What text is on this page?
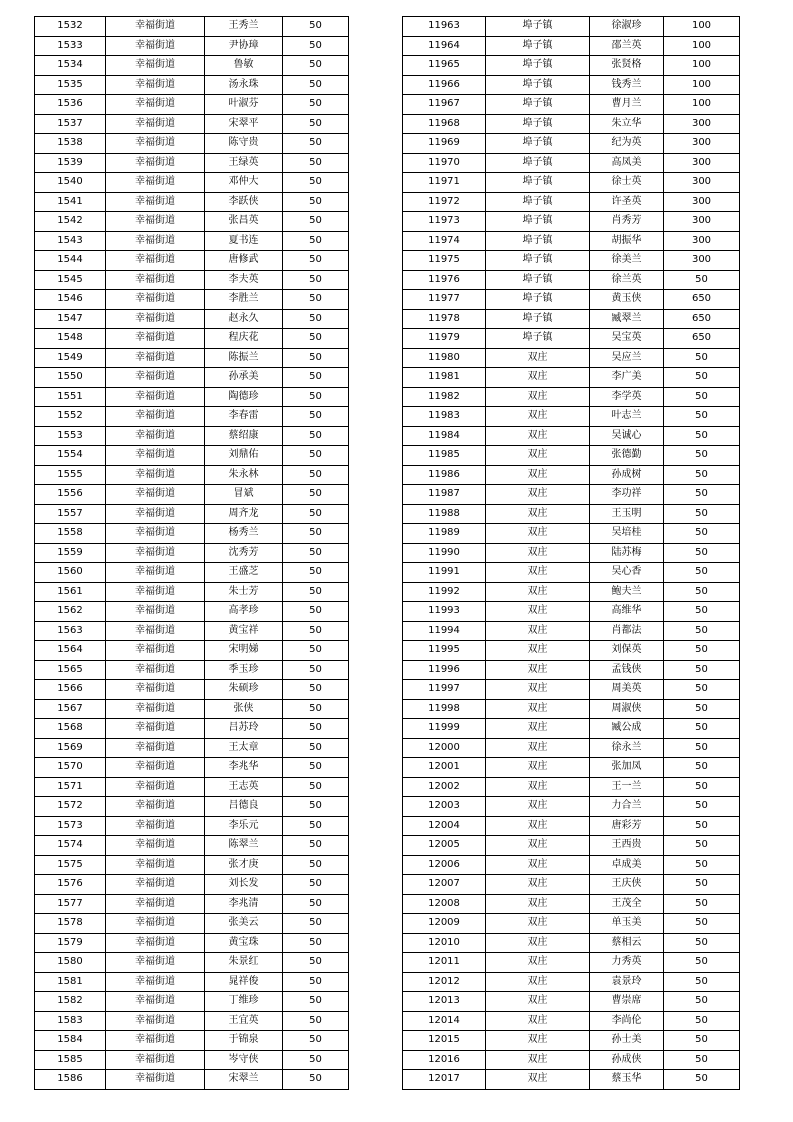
1532	幸福街道	王秀兰	50
1533	幸福街道	尹协璋	50
1534	幸福街道	鲁敏	50
1535	幸福街道	汤永珠	50
1536	幸福街道	叶淑芬	50
1537	幸福街道	宋翠平	50
1538	幸福街道	陈守贵	50
1539	幸福街道	王绿英	50
1540	幸福街道	邓仲大	50
1541	幸福街道	李跃侠	50
1542	幸福街道	张昌英	50
1543	幸福街道	夏书连	50
1544	幸福街道	唐修武	50
1545	幸福街道	李夫英	50
1546	幸福街道	李胜兰	50
1547	幸福街道	赵永久	50
1548	幸福街道	程庆花	50
1549	幸福街道	陈振兰	50
1550	幸福街道	孙承美	50
1551	幸福街道	陶德珍	50
1552	幸福街道	李春雷	50
1553	幸福街道	蔡绍康	50
1554	幸福街道	刘鼎佑	50
1555	幸福街道	朱永林	50
1556	幸福街道	冒斌	50
1557	幸福街道	周齐龙	50
1558	幸福街道	杨秀兰	50
1559	幸福街道	沈秀芳	50
1560	幸福街道	王盛芝	50
1561	幸福街道	朱士芳	50
1562	幸福街道	高孝珍	50
1563	幸福街道	黄宝祥	50
1564	幸福街道	宋明娣	50
1565	幸福街道	季玉珍	50
1566	幸福街道	朱硕珍	50
1567	幸福街道	张侠	50
1568	幸福街道	吕苏玲	50
1569	幸福街道	王太章	50
1570	幸福街道	李兆华	50
1571	幸福街道	王志英	50
1572	幸福街道	吕德良	50
1573	幸福街道	李乐元	50
1574	幸福街道	陈翠兰	50
1575	幸福街道	张才庚	50
1576	幸福街道	刘长发	50
1577	幸福街道	李兆清	50
1578	幸福街道	张美云	50
1579	幸福街道	黄宝珠	50
1580	幸福街道	朱景红	50
1581	幸福街道	晁祥俊	50
1582	幸福街道	丁维珍	50
1583	幸福街道	王宜英	50
1584	幸福街道	于锦泉	50
1585	幸福街道	岑守侠	50
1586	幸福街道	宋翠兰	50
11963	埠子镇	徐淑珍	100
11964	埠子镇	邵兰英	100
11965	埠子镇	张贤格	100
11966	埠子镇	钱秀兰	100
11967	埠子镇	曹月兰	100
11968	埠子镇	朱立华	300
11969	埠子镇	纪为英	300
11970	埠子镇	高凤美	300
11971	埠子镇	徐士英	300
11972	埠子镇	许圣英	300
11973	埠子镇	肖秀芳	300
11974	埠子镇	胡振华	300
11975	埠子镇	徐美兰	300
11976	埠子镇	徐兰英	50
11977	埠子镇	黄玉侠	650
11978	埠子镇	臧翠兰	650
11979	埠子镇	吴宝英	650
11980	双庄	吴应兰	50
11981	双庄	李广美	50
11982	双庄	李学英	50
11983	双庄	叶志兰	50
11984	双庄	吴诚心	50
11985	双庄	张德勤	50
11986	双庄	孙成树	50
11987	双庄	李功祥	50
11988	双庄	王玉明	50
11989	双庄	吴培桂	50
11990	双庄	陆苏梅	50
11991	双庄	吴心香	50
11992	双庄	鲍夫兰	50
11993	双庄	高维华	50
11994	双庄	肖都法	50
11995	双庄	刘保英	50
11996	双庄	孟钱侠	50
11997	双庄	周美英	50
11998	双庄	周淑侠	50
11999	双庄	臧公成	50
12000	双庄	徐永兰	50
12001	双庄	张加凤	50
12002	双庄	王一兰	50
12003	双庄	力合兰	50
12004	双庄	唐彩芳	50
12005	双庄	王西贵	50
12006	双庄	卓成美	50
12007	双庄	王庆侠	50
12008	双庄	王茂全	50
12009	双庄	单玉美	50
12010	双庄	蔡相云	50
12011	双庄	力秀英	50
12012	双庄	袁景玲	50
12013	双庄	曹崇席	50
12014	双庄	李尚伦	50
12015	双庄	孙士美	50
12016	双庄	孙成侠	50
12017	双庄	蔡玉华	50
